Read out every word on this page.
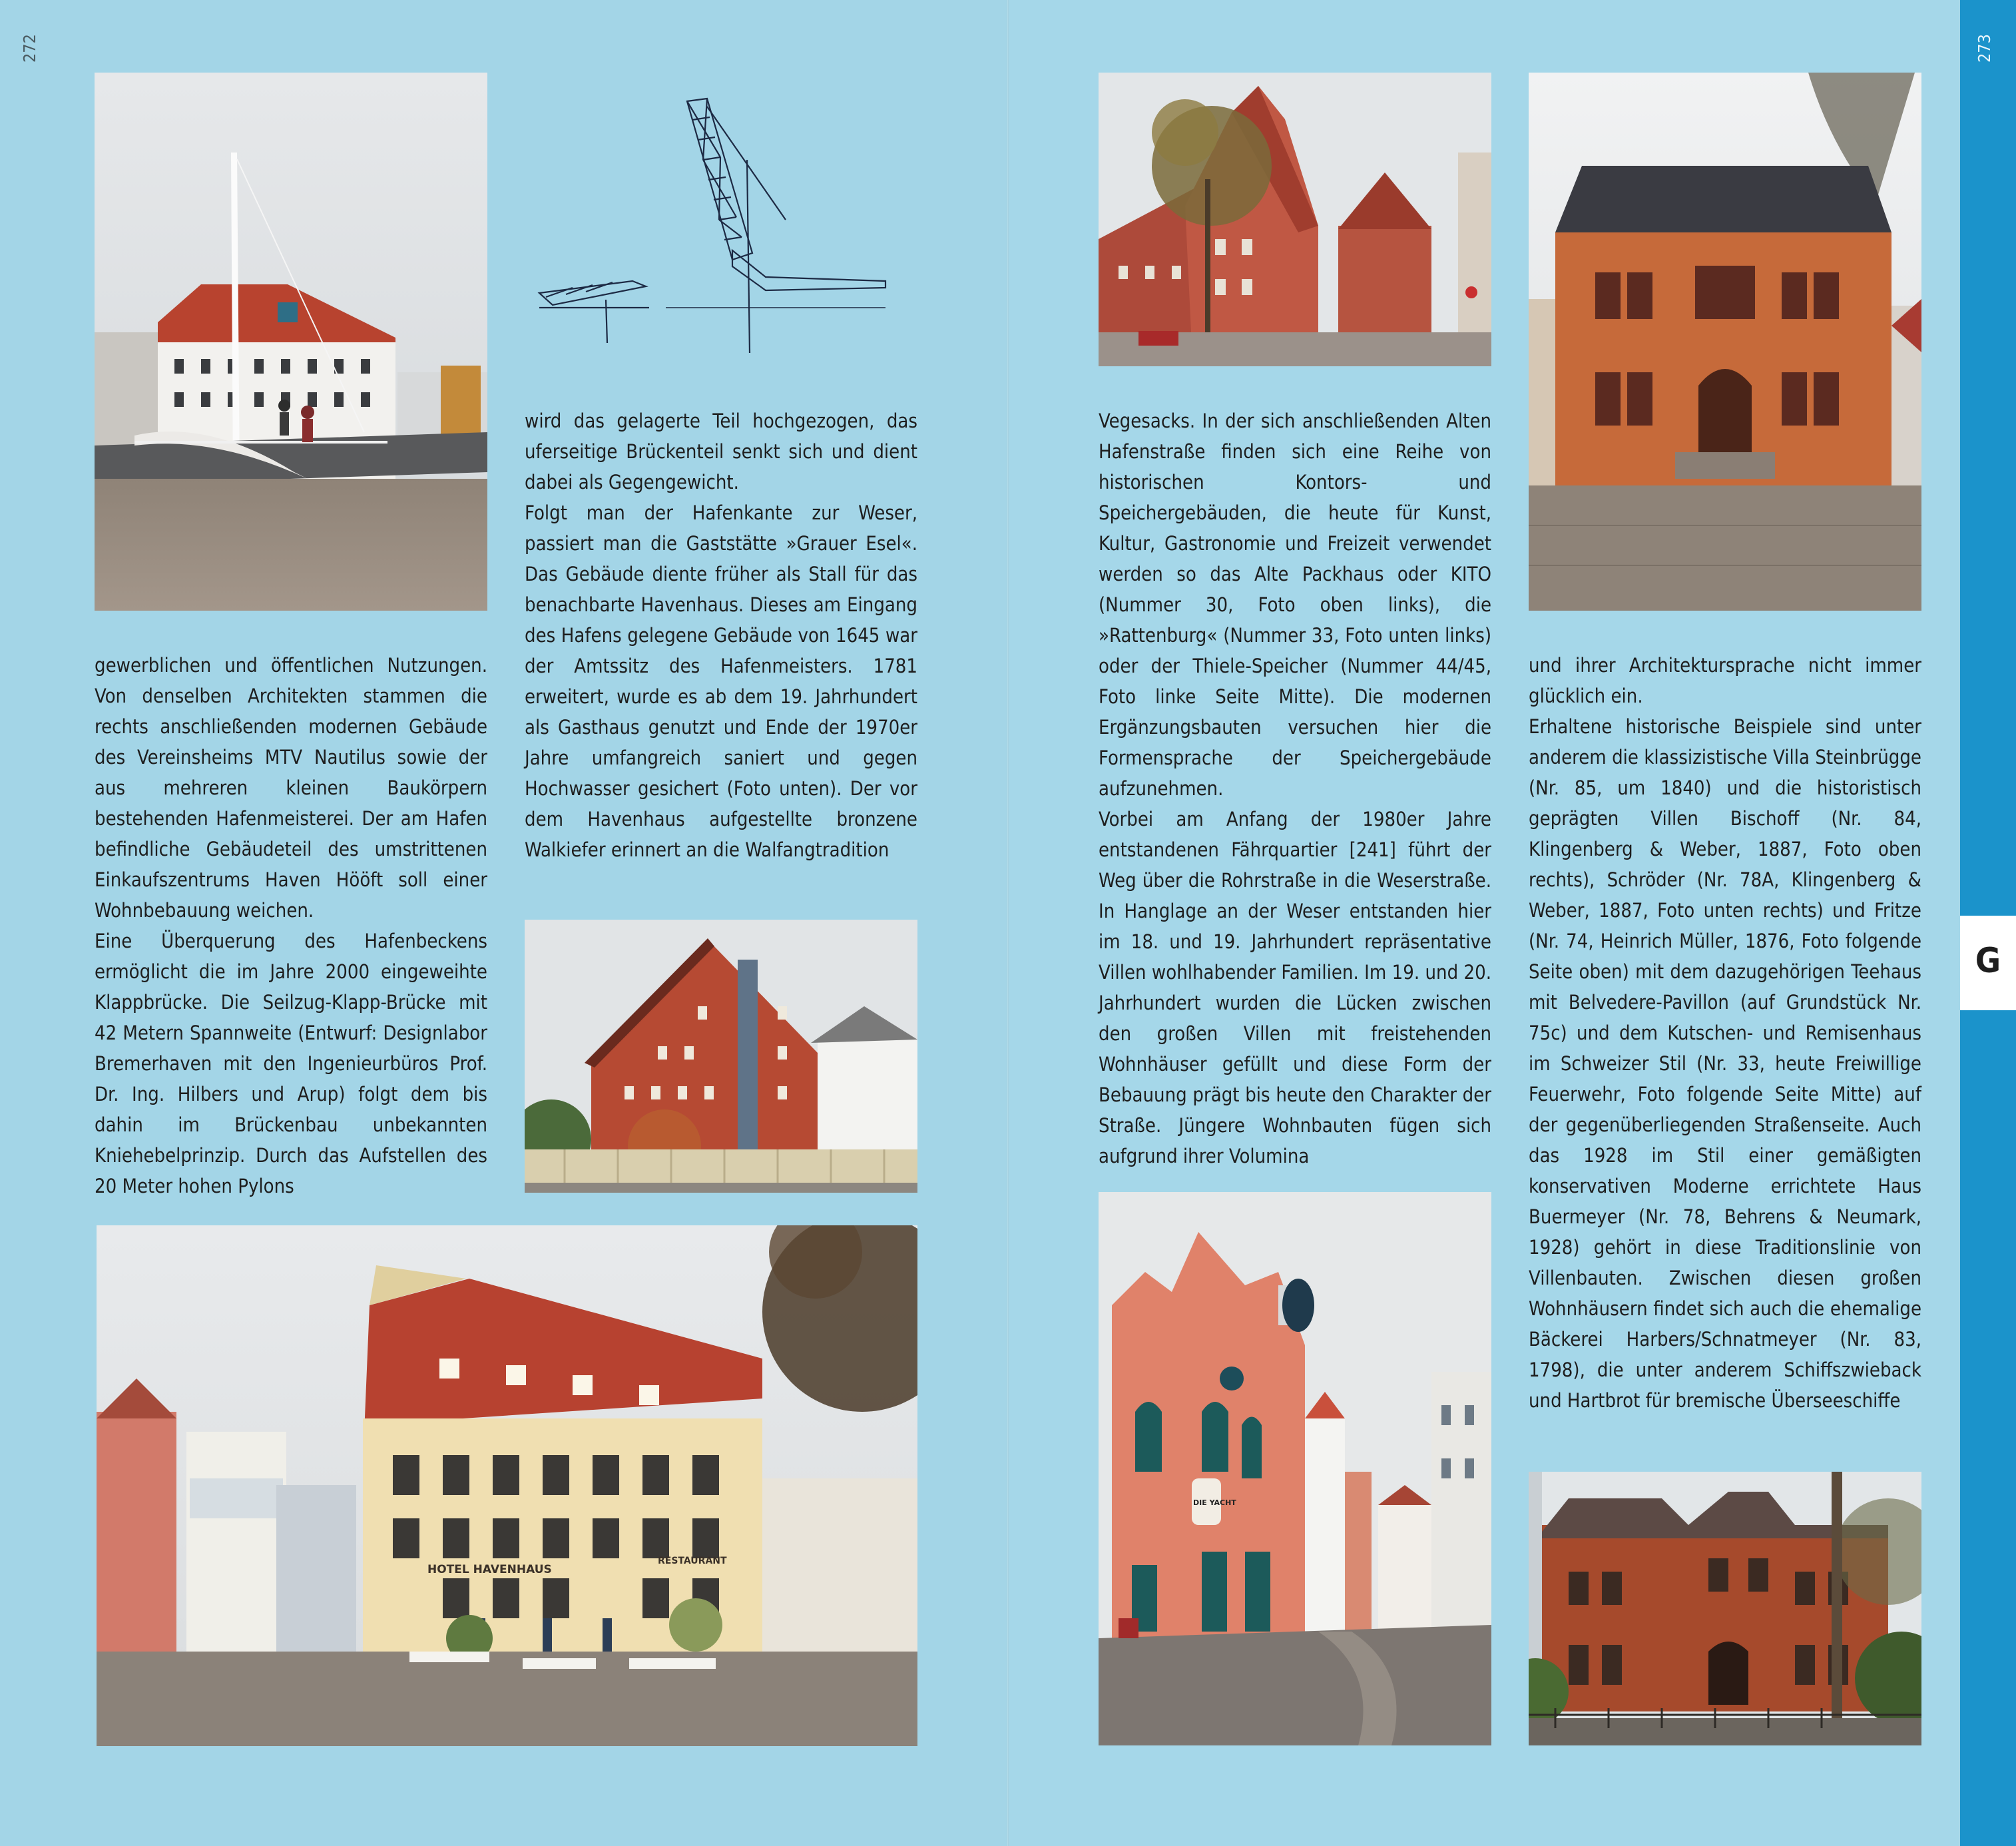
272	273
G
HOTEL HAVENHAUS
RESTAURANT
DIE YACHT

gewerblichen und öffentlichen Nutzungen. Von denselben Architekten stammen die rechts anschließenden modernen Gebäude des Vereinsheims MTV Nautilus sowie der aus mehreren kleinen Baukörpern bestehenden Hafenmeisterei. Der am Hafen befindliche Gebäudeteil des umstrittenen Einkaufszentrums Haven Hööft soll einer Wohnbebauung weichen.

Eine Überquerung des Hafenbeckens ermöglicht die im Jahre 2000 eingeweihte Klappbrücke. Die Seilzug-Klapp-Brücke mit 42 Metern Spannweite (Entwurf: Designlabor Bremerhaven mit den Ingenieurbüros Prof. Dr. Ing. Hilbers und Arup) folgt dem bis dahin im Brückenbau unbekannten Kniehebelprinzip. Durch das Aufstellen des 20 Meter hohen Pylons

wird das gelagerte Teil hochgezogen, das uferseitige Brückenteil senkt sich und dient dabei als Gegengewicht.

Folgt man der Hafenkante zur Weser, passiert man die Gaststätte »Grauer Esel«. Das Gebäude diente früher als Stall für das benachbarte Havenhaus. Dieses am Eingang des Hafens gelegene Gebäude von 1645 war der Amtssitz des Hafenmeisters. 1781 erweitert, wurde es ab dem 19. Jahrhundert als Gasthaus genutzt und Ende der 1970er Jahre umfangreich saniert und gegen Hochwasser gesichert (Foto unten). Der vor dem Havenhaus aufgestellte bronzene Walkiefer erinnert an die Walfangtradition

Vegesacks. In der sich anschließenden Alten Hafenstraße finden sich eine Reihe von historischen Kontors- und Speichergebäuden, die heute für Kunst, Kultur, Gastronomie und Freizeit verwendet werden so das Alte Packhaus oder KITO (Nummer 30, Foto oben links), die »Rattenburg« (Nummer 33, Foto unten links) oder der Thiele-Speicher (Nummer 44/45, Foto linke Seite Mitte). Die modernen Ergänzungsbauten versuchen hier die Formensprache der Speichergebäude aufzunehmen.

Vorbei am Anfang der 1980er Jahre entstandenen Fährquartier [241] führt der Weg über die Rohrstraße in die Weserstraße. In Hanglage an der Weser entstanden hier im 18. und 19. Jahrhundert repräsentative Villen wohlhabender Familien. Im 19. und 20. Jahrhundert wurden die Lücken zwischen den großen Villen mit freistehenden Wohnhäuser gefüllt und diese Form der Bebauung prägt bis heute den Charakter der Straße. Jüngere Wohnbauten fügen sich aufgrund ihrer Volumina

und ihrer Architektursprache nicht immer glücklich ein.

Erhaltene historische Beispiele sind unter anderem die klassizistische Villa Steinbrügge (Nr. 85, um 1840) und die historistisch geprägten Villen Bischoff (Nr. 84, Klingenberg & Weber, 1887, Foto oben rechts), Schröder (Nr. 78A, Klingenberg & Weber, 1887, Foto unten rechts) und Fritze (Nr. 74, Heinrich Müller, 1876, Foto folgende Seite oben) mit dem dazugehörigen Teehaus mit Belvedere-Pavillon (auf Grundstück Nr. 75c) und dem Kutschen- und Remisenhaus im Schweizer Stil (Nr. 33, heute Freiwillige Feuerwehr, Foto folgende Seite Mitte) auf der gegenüberliegenden Straßenseite. Auch das 1928 im Stil einer gemäßigten konservativen Moderne errichtete Haus Buermeyer (Nr. 78, Behrens & Neumark, 1928) gehört in diese Traditionslinie von Villenbauten. Zwischen diesen großen Wohnhäusern findet sich auch die ehemalige Bäckerei Harbers/Schnatmeyer (Nr. 83, 1798), die unter anderem Schiffszwieback und Hartbrot für bremische Überseeschiffe
